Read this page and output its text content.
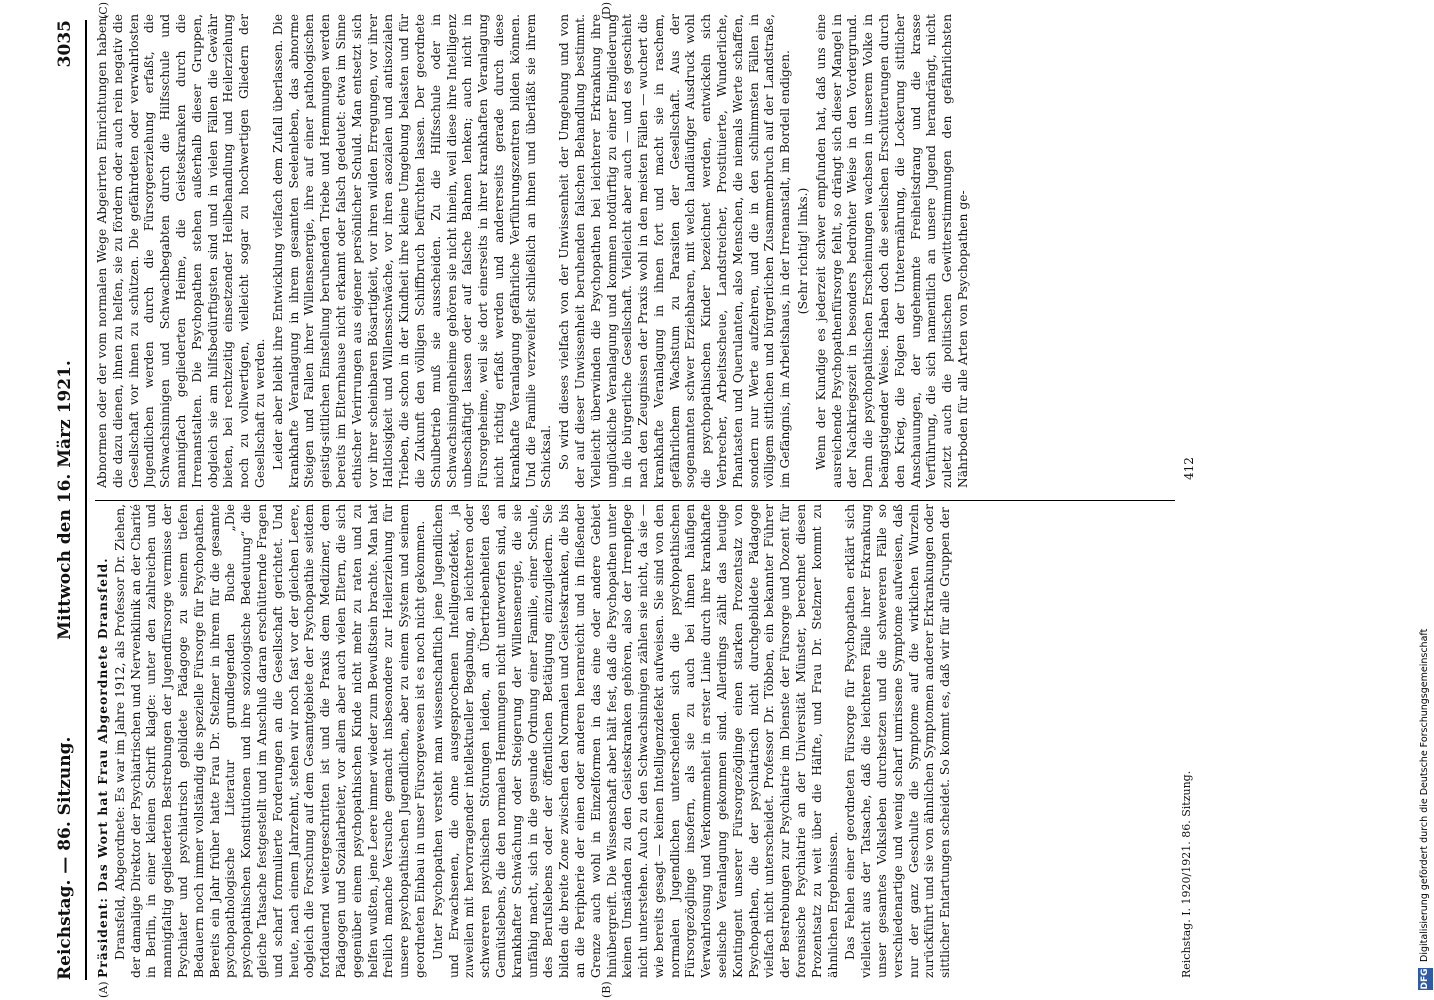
Reichstag. — 86. Sitzung.
Mittwoch den 16. März 1921.
3035
(A)	(B)
(C)	(D)

Präsident: Das Wort hat Frau Abgeordnete Dransfeld. Dransfeld, Abgeordnete: Es war im Jahre 1912, als Professor Dr. Ziehen, der damalige Direktor der Psychiatrischen und Nervenklinik an der Charité in Berlin, in einer kleinen Schrift klagte: unter den zahlreichen und mannigfaltig gegliederten Bestrebungen der Jugendfürsorge vermisse der Psychiater und psychiatrisch gebildete Pädagoge zu seinem tiefen Bedauern noch immer vollständig die spezielle Fürsorge für Psychopathen. Bereits ein Jahr früher hatte Frau Dr. Stelzner in ihrem für die gesamte psychopathologische Literatur grundlegenden Buche „Die psychopathischen Konstitutionen und ihre soziologische Bedeutung“ die gleiche Tatsache festgestellt und im Anschluß daran erschütternde Fragen und scharf formulierte Forderungen an die Gesellschaft gerichtet. Und heute, nach einem Jahrzehnt, stehen wir noch fast vor der gleichen Leere, obgleich die Forschung auf dem Gesamtgebiete der Psychopathie seitdem fortdauernd weitergeschritten ist und die Praxis dem Mediziner, dem Pädagogen und Sozialarbeiter, vor allem aber auch vielen Eltern, die sich gegenüber einem psychopathischen Kinde nicht mehr zu raten und zu helfen wußten, jene Leere immer wieder zum Bewußtsein brachte. Man hat freilich manche Versuche gemacht insbesondere zur Heilerziehung für unsere psychopathischen Jugendlichen, aber zu einem System und seinem geordneten Einbau in unser Fürsorgewesen ist es noch nicht gekommen. Unter Psychopathen versteht man wissenschaftlich jene Jugendlichen und Erwachsenen, die ohne ausgesprochenen Intelligenzdefekt, ja zuweilen mit hervorragender intellektueller Begabung, an leichteren oder schwereren psychischen Störungen leiden, an Übertriebenheiten des Gemütslebens, die den normalen Hemmungen nicht unterworfen sind, an krankhafter Schwächung oder Steigerung der Willensenergie, die sie unfähig macht, sich in die gesunde Ordnung einer Familie, einer Schule, des Berufslebens oder der öffentlichen Betätigung einzugliedern. Sie bilden die breite Zone zwischen den Normalen und Geisteskranken, die bis an die Peripherie der einen oder anderen heranreicht und in fließender Grenze auch wohl in Einzelformen in das eine oder andere Gebiet hinübergreift. Die Wissenschaft aber hält fest, daß die Psychopathen unter keinen Umständen zu den Geisteskranken gehören, also der Irrenpflege nicht unterstehen. Auch zu den Schwachsinnigen zählen sie nicht, da sie — wie bereits gesagt — keinen Intelligenzdefekt aufweisen. Sie sind von den normalen Jugendlichen unterscheiden sich die psychopathischen Fürsorgezöglinge insofern, als sie zu auch bei ihnen häufigen Verwahrlosung und Verkommenheit in erster Linie durch ihre krankhafte seelische Veranlagung gekommen sind. Allerdings zählt das heutige Kontingent unserer Fürsorgezöglinge einen starken Prozentsatz von Psychopathen, die der psychiatrisch nicht durchgebildete Pädagoge vielfach nicht unterscheidet. Professor Dr. Többen, ein bekannter Führer der Bestrebungen zur Psychiatrie im Dienste der Fürsorge und Dozent für forensische Psychiatrie an der Universität Münster, berechnet diesen Prozentsatz zu weit über die Hälfte, und Frau Dr. Stelzner kommt zu ähnlichen Ergebnissen. Das Fehlen einer geordneten Fürsorge für Psychopathen erklärt sich vielleicht aus der Tatsache, daß die leichteren Fälle ihrer Erkrankung unser gesamtes Volksleben durchsetzen und die schwereren Fälle so verschiedenartige und wenig scharf umrissene Symptome aufweisen, daß nur der ganz Geschulte die Symptome auf die wirklichen Wurzeln zurückführt und sie von ähnlichen Symptomen anderer Erkrankungen oder sittlicher Entartungen scheidet. So kommt es, daß wir für alle Gruppen der

Abnormen oder der vom normalen Wege Abgeirrten Einrichtungen haben, die dazu dienen, ihnen zu helfen, sie zu fördern oder auch rein negativ die Gesellschaft vor ihnen zu schützen. Die gefährdeten oder verwahrlosten Jugendlichen werden durch die Fürsorgeerziehung erfaßt, die Schwachsinnigen und Schwachbegabten durch die Hilfsschule und mannigfach gegliederten Heime, die Geisteskranken durch die Irrenanstalten. Die Psychopathen stehen außerhalb dieser Gruppen, obgleich sie am hilfsbedürftigsten sind und in vielen Fällen die Gewähr bieten, bei rechtzeitig einsetzender Heilbehandlung und Heilerziehung noch zu vollwertigen, vielleicht sogar zu hochwertigen Gliedern der Gesellschaft zu werden. Leider aber bleibt ihre Entwicklung vielfach dem Zufall überlassen. Die krankhafte Veranlagung in ihrem gesamten Seelenleben, das abnorme Steigen und Fallen ihrer Willensenergie, ihre auf einer pathologischen geistig-sittlichen Einstellung beruhenden Triebe und Hemmungen werden bereits im Elternhause nicht erkannt oder falsch gedeutet: etwa im Sinne ethischer Verirrungen aus eigener persönlicher Schuld. Man entsetzt sich vor ihrer scheinbaren Bösartigkeit, vor ihren wilden Erregungen, vor ihrer Haltlosigkeit und Willensschwäche, vor ihren asozialen und antisozialen Trieben, die schon in der Kindheit ihre kleine Umgebung belasten und für die Zukunft den völligen Schiffbruch befürchten lassen. Der geordnete Schulbetrieb muß sie ausscheiden. Zu die Hilfsschule oder in Schwachsinnigenheime gehören sie nicht hinein, weil diese ihre Intelligenz unbeschäftigt lassen oder auf falsche Bahnen lenken; auch nicht in Fürsorgeheime, weil sie dort einerseits in ihrer krankhaften Veranlagung nicht richtig erfaßt werden und andererseits gerade durch diese krankhafte Veranlagung gefährliche Verführungszentren bilden können. Und die Familie verzweifelt schließlich an ihnen und überläßt sie ihrem Schicksal. So wird dieses vielfach von der Unwissenheit der Umgebung und von der auf dieser Unwissenheit beruhenden falschen Behandlung bestimmt. Vielleicht überwinden die Psychopathen bei leichterer Erkrankung ihre unglückliche Veranlagung und kommen notdürftig zu einer Eingliederung in die bürgerliche Gesellschaft. Vielleicht aber auch — und es geschieht nach den Zeugnissen der Praxis wohl in den meisten Fällen — wuchert die krankhafte Veranlagung in ihnen fort und macht sie in raschem, gefährlichem Wachstum zu Parasiten der Gesellschaft. Aus der sogenannten schwer Erziehbaren, mit welch landläufiger Ausdruck wohl die psychopathischen Kinder bezeichnet werden, entwickeln sich Verbrecher, Arbeitsscheue, Landstreicher, Prostituierte, Wunderliche, Phantasten und Querulanten, also Menschen, die niemals Werte schaffen, sondern nur Werte aufzehren, und die in den schlimmsten Fällen in völligem sittlichen und bürgerlichen Zusammenbruch auf der Landstraße, im Gefängnis, im Arbeitshaus, in der Irrenanstalt, im Bordell endigen. (Sehr richtig! links.) Wenn der Kundige es jederzeit schwer empfunden hat, daß uns eine ausreichende Psychopathenfürsorge fehlt, so drängt sich dieser Mangel in der Nachkriegszeit in besonders bedrohter Weise in den Vordergrund. Denn die psychopathischen Erscheinungen wachsen in unserem Volke in beängstigender Weise. Haben doch die seelischen Erschütterungen durch den Krieg, die Folgen der Unterernährung, die Lockerung sittlicher Anschauungen, der ungehemmte Freiheitsdrang und die krasse Verführung, die sich namentlich an unsere Jugend herandrängt, nicht zuletzt auch die politischen Gewitterstimmungen den gefährlichsten Nährboden für alle Arten von Psychopathen ge-

Reichstag. I. 1920/1921. 86. Sitzung.
412
DFG
Digitalisierung gefördert durch die Deutsche Forschungsgemeinschaft
